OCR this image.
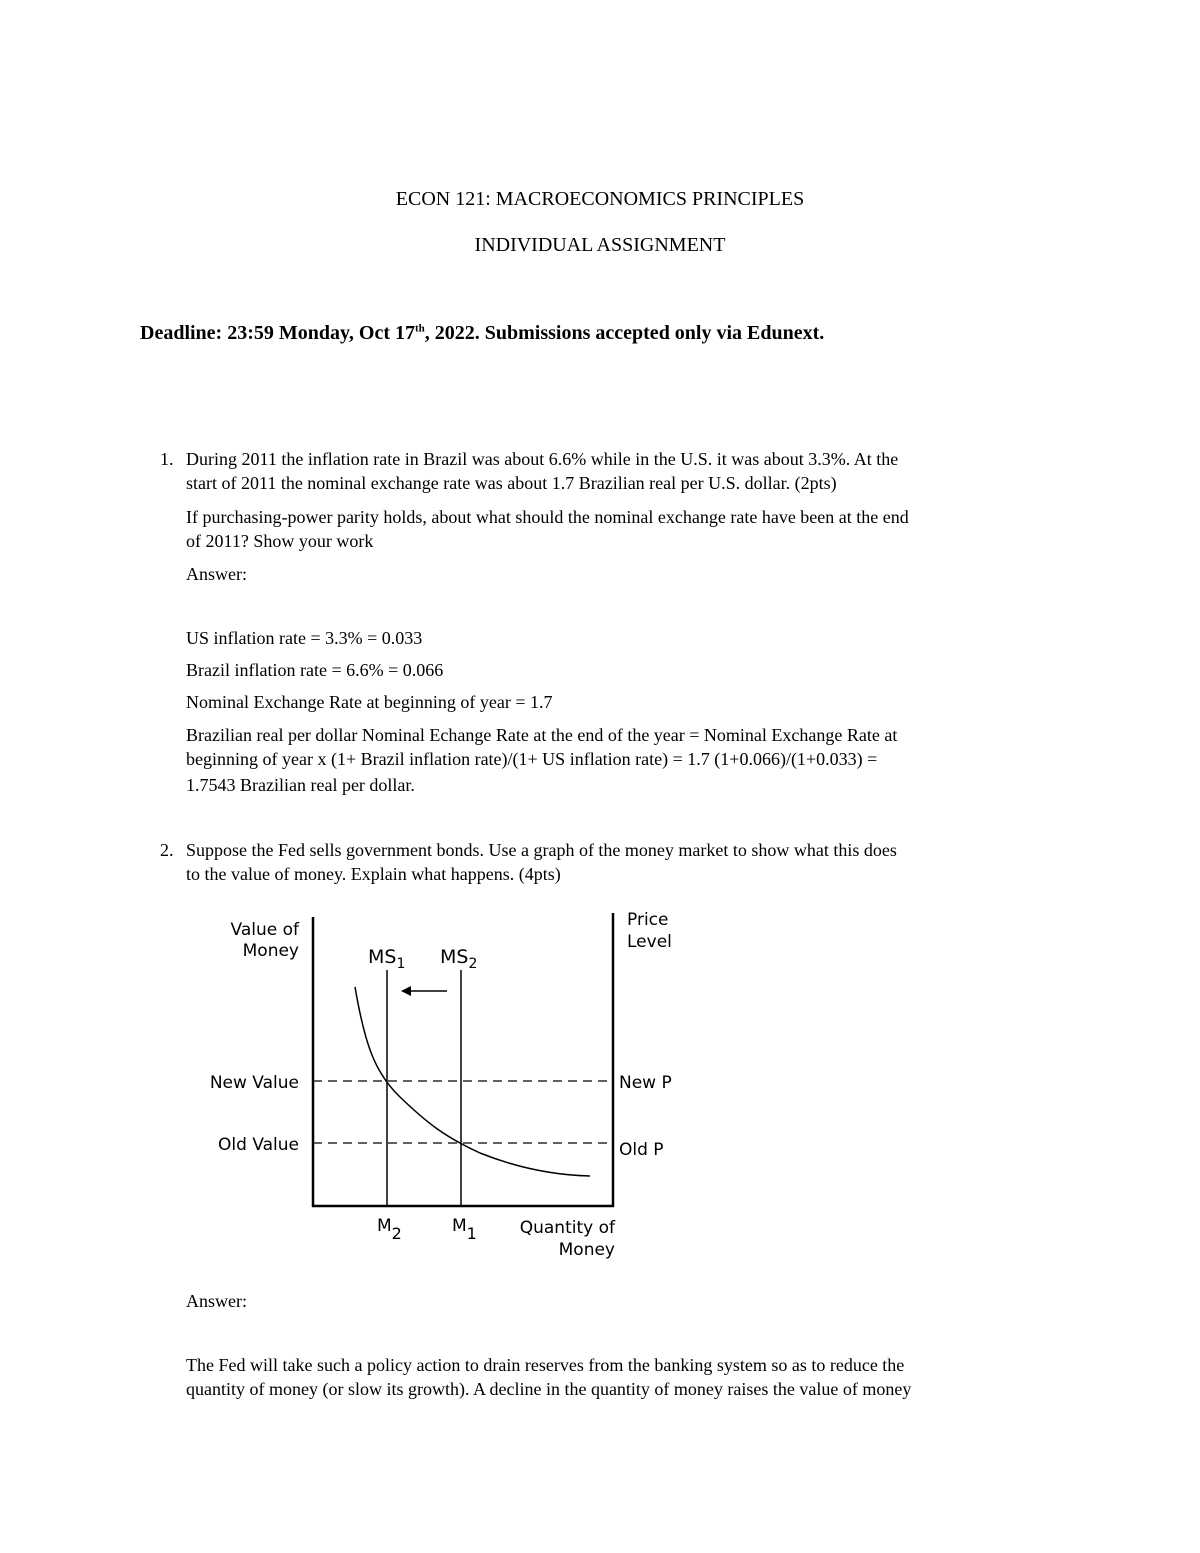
ECON 121: MACROECONOMICS PRINCIPLES
INDIVIDUAL ASSIGNMENT
Deadline: 23:59 Monday, Oct 17th, 2022. Submissions accepted only via Edunext.
1. During 2011 the inflation rate in Brazil was about 6.6% while in the U.S. it was about 3.3%. At the
start of 2011 the nominal exchange rate was about 1.7 Brazilian real per U.S. dollar. (2pts)
If purchasing-power parity holds, about what should the nominal exchange rate have been at the end
of 2011? Show your work
Answer:
US inflation rate = 3.3% = 0.033
Brazil inflation rate = 6.6% = 0.066
Nominal Exchange Rate at beginning of year = 1.7
Brazilian real per dollar Nominal Echange Rate at the end of the year = Nominal Exchange Rate at
beginning of year x (1+ Brazil inflation rate)/(1+ US inflation rate) = 1.7 (1+0.066)/(1+0.033) =
1.7543 Brazilian real per dollar.
2. Suppose the Fed sells government bonds. Use a graph of the money market to show what this does
to the value of money. Explain what happens. (4pts)
Value of
Money
New Value
Old Value
Price
Level
New P
Old P
$MS_1$ $MS_2$
M2	M1	Quantity of
Money
Answer:
The Fed will take such a policy action to drain reserves from the banking system so as to reduce the
quantity of money (or slow its growth). A decline in the quantity of money raises the value of money
